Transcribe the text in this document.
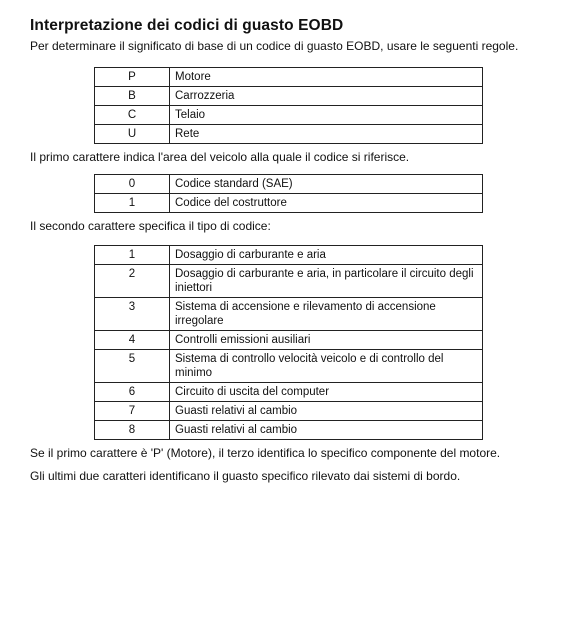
Interpretazione dei codici di guasto EOBD

Per determinare il significato di base di un codice di guasto EOBD, usare le seguenti regole.

P	Motore
B	Carrozzeria
C	Telaio
U	Rete

Il primo carattere indica l'area del veicolo alla quale il codice si riferisce.

0	Codice standard (SAE)
1	Codice del costruttore

Il secondo carattere specifica il tipo di codice:

1	Dosaggio di carburante e aria
2	Dosaggio di carburante e aria, in particolare il circuito degli iniettori
3	Sistema di accensione e rilevamento di accensione irregolare
4	Controlli emissioni ausiliari
5	Sistema di controllo velocità veicolo e di controllo del minimo
6	Circuito di uscita del computer
7	Guasti relativi al cambio
8	Guasti relativi al cambio

Se il primo carattere è 'P' (Motore), il terzo identifica lo specifico componente del motore.

Gli ultimi due caratteri identificano il guasto specifico rilevato dai sistemi di bordo.
